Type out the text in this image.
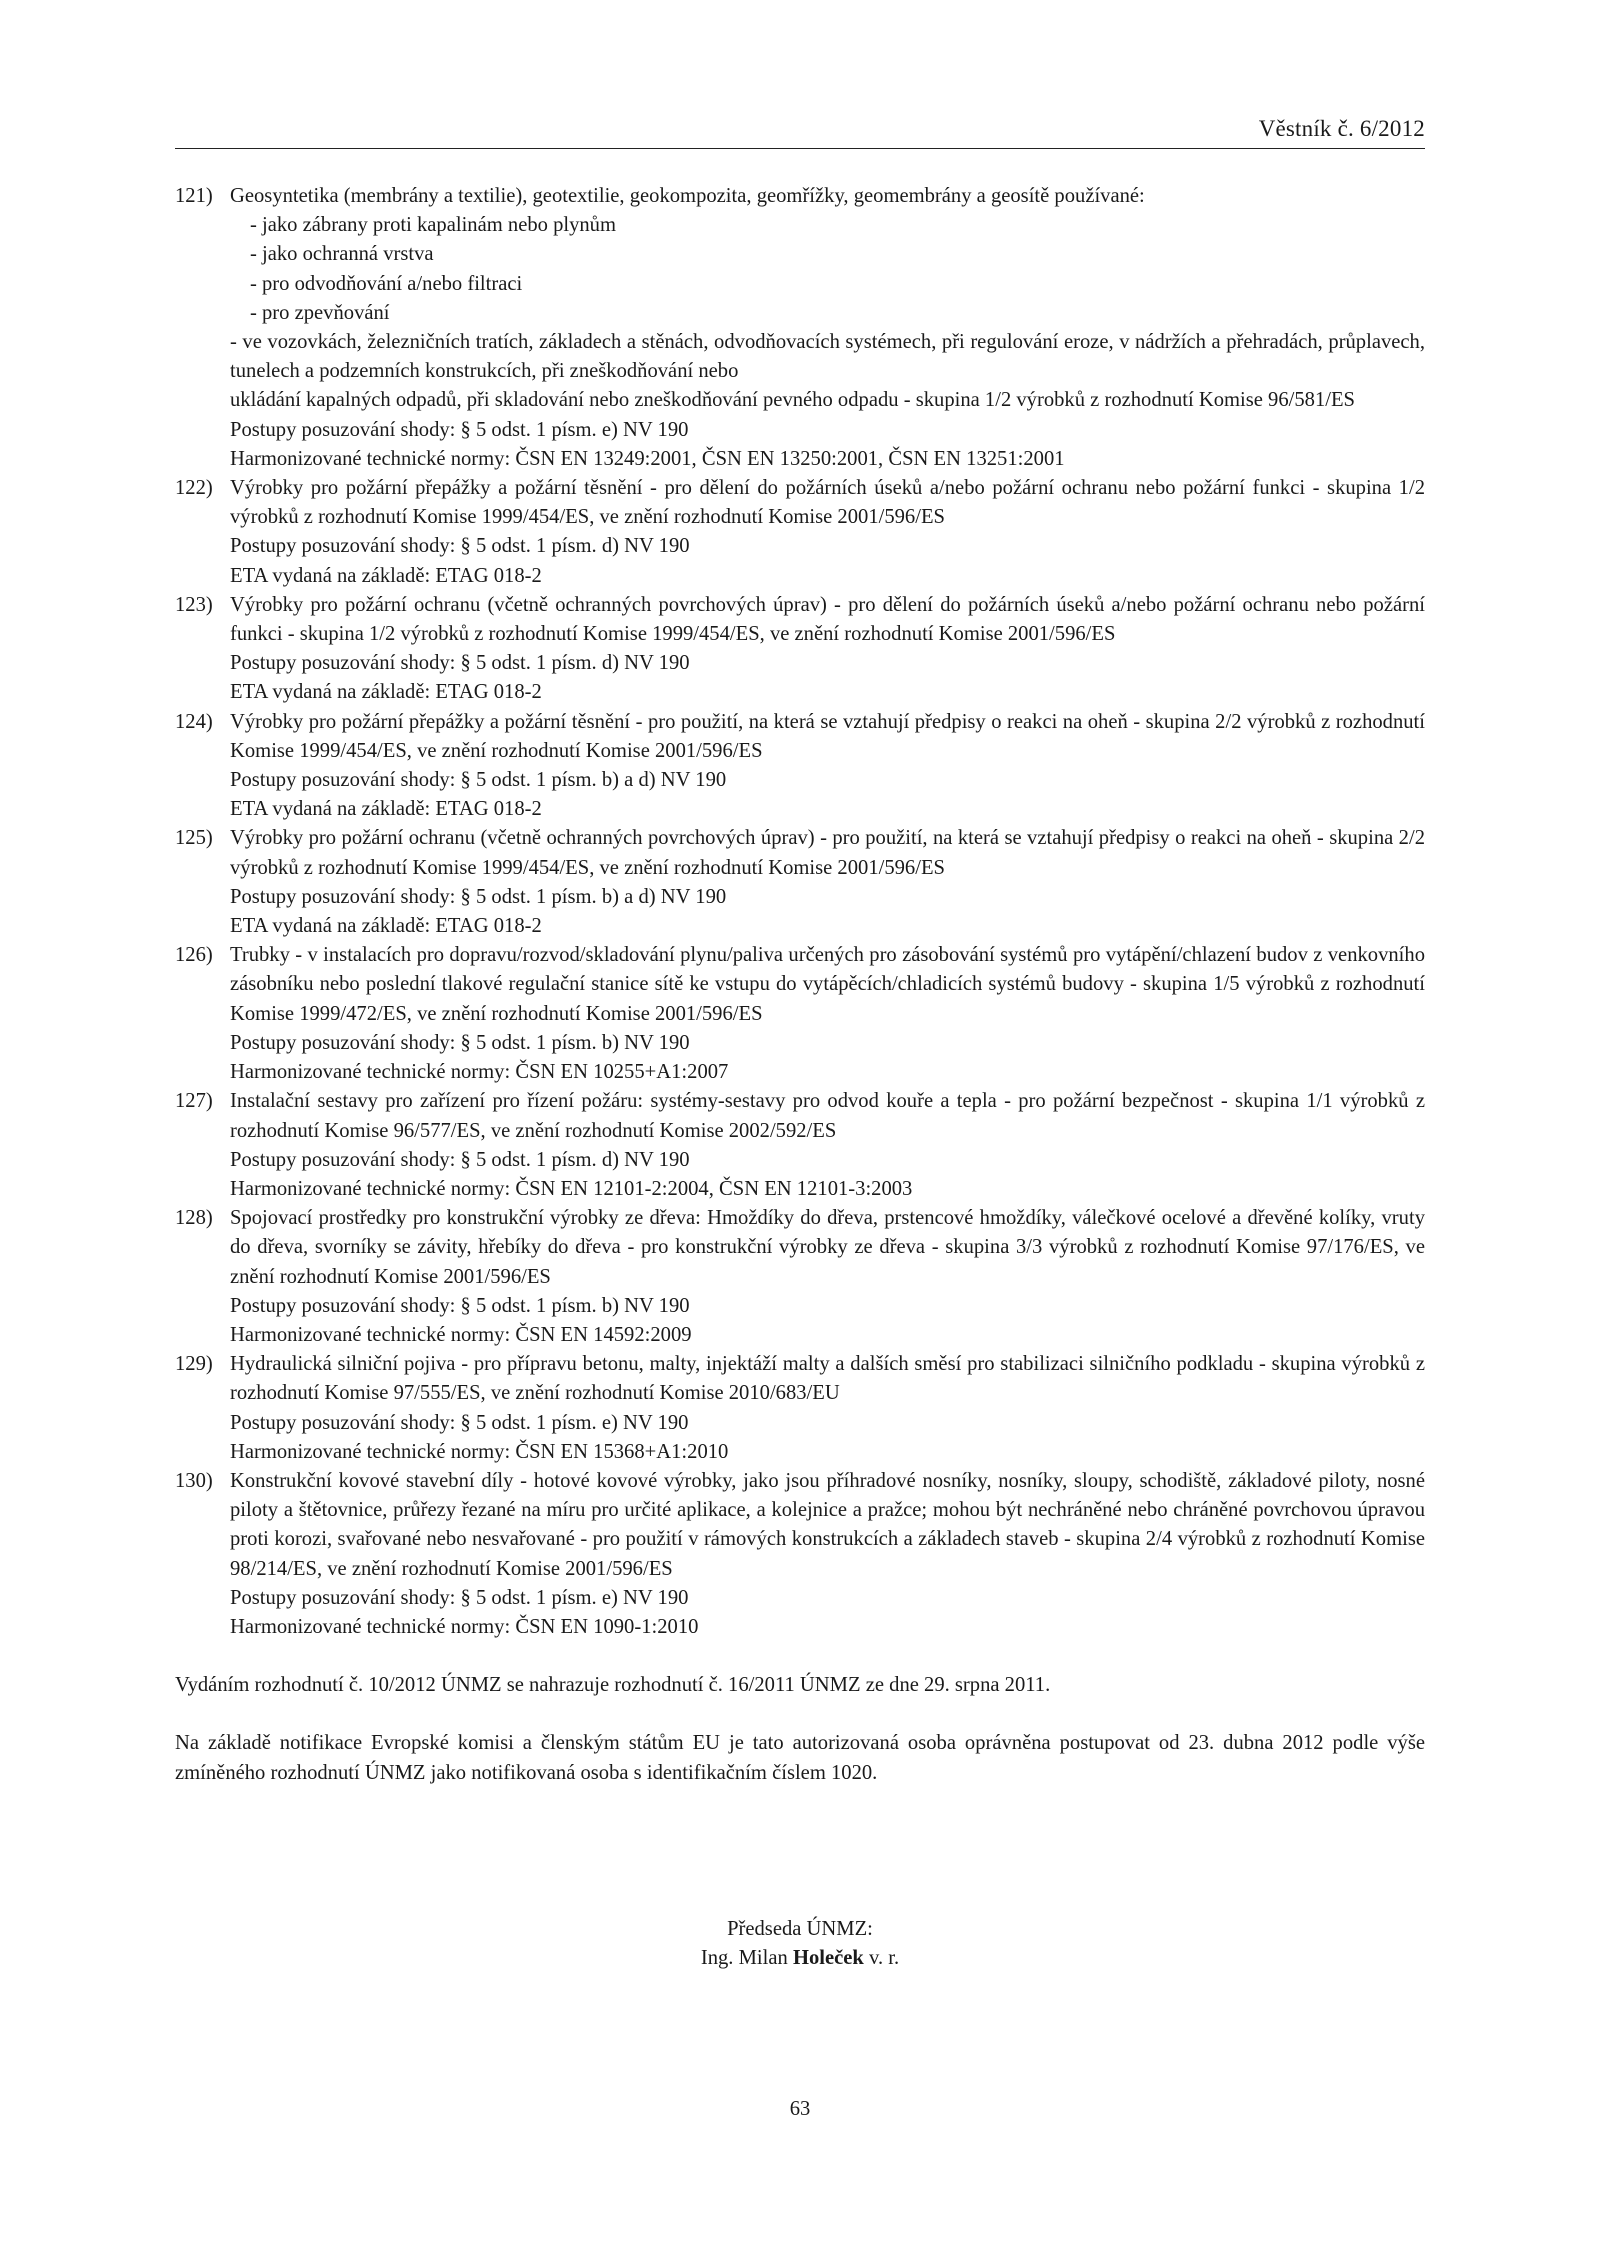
Věstník č. 6/2012
121) Geosyntetika (membrány a textilie), geotextilie, geokompozita, geomřížky, geomembrány a geosítě používané:
- jako zábrany proti kapalinám nebo plynům
- jako ochranná vrstva
- pro odvodňování a/nebo filtraci
- pro zpevňování
- ve vozovkách, železničních tratích, základech a stěnách, odvodňovacích systémech, při regulování eroze, v nádržích a přehradách, průplavech, tunelech a podzemních konstrukcích, při zneškodňování nebo
ukládání kapalných odpadů, při skladování nebo zneškodňování pevného odpadu - skupina 1/2 výrobků z rozhodnutí Komise 96/581/ES
Postupy posuzování shody: § 5 odst. 1 písm. e) NV 190
Harmonizované technické normy: ČSN EN 13249:2001, ČSN EN 13250:2001, ČSN EN 13251:2001
122) Výrobky pro požární přepážky a požární těsnění - pro dělení do požárních úseků a/nebo požární ochranu nebo požární funkci - skupina 1/2 výrobků z rozhodnutí Komise 1999/454/ES, ve znění rozhodnutí Komise 2001/596/ES
Postupy posuzování shody: § 5 odst. 1 písm. d) NV 190
ETA vydaná na základě: ETAG 018-2
123) Výrobky pro požární ochranu (včetně ochranných povrchových úprav) - pro dělení do požárních úseků a/nebo požární ochranu nebo požární funkci - skupina 1/2 výrobků z rozhodnutí Komise 1999/454/ES, ve znění rozhodnutí Komise 2001/596/ES
Postupy posuzování shody: § 5 odst. 1 písm. d) NV 190
ETA vydaná na základě: ETAG 018-2
124) Výrobky pro požární přepážky a požární těsnění - pro použití, na která se vztahují předpisy o reakci na oheň - skupina 2/2 výrobků z rozhodnutí Komise 1999/454/ES, ve znění rozhodnutí Komise 2001/596/ES
Postupy posuzování shody: § 5 odst. 1 písm. b) a d) NV 190
ETA vydaná na základě: ETAG 018-2
125) Výrobky pro požární ochranu (včetně ochranných povrchových úprav) - pro použití, na která se vztahují předpisy o reakci na oheň - skupina 2/2 výrobků z rozhodnutí Komise 1999/454/ES, ve znění rozhodnutí Komise 2001/596/ES
Postupy posuzování shody: § 5 odst. 1 písm. b) a d) NV 190
ETA vydaná na základě: ETAG 018-2
126) Trubky - v instalacích pro dopravu/rozvod/skladování plynu/paliva určených pro zásobování systémů pro vytápění/chlazení budov z venkovního zásobníku nebo poslední tlakové regulační stanice sítě ke vstupu do vytápěcích/chladicích systémů budovy - skupina 1/5 výrobků z rozhodnutí Komise 1999/472/ES, ve znění rozhodnutí Komise 2001/596/ES
Postupy posuzování shody: § 5 odst. 1 písm. b) NV 190
Harmonizované technické normy: ČSN EN 10255+A1:2007
127) Instalační sestavy pro zařízení pro řízení požáru: systémy-sestavy pro odvod kouře a tepla - pro požární bezpečnost - skupina 1/1 výrobků z rozhodnutí Komise 96/577/ES, ve znění rozhodnutí Komise 2002/592/ES
Postupy posuzování shody: § 5 odst. 1 písm. d) NV 190
Harmonizované technické normy: ČSN EN 12101-2:2004, ČSN EN 12101-3:2003
128) Spojovací prostředky pro konstrukční výrobky ze dřeva: Hmoždíky do dřeva, prstencové hmoždíky, válečkové ocelové a dřevěné kolíky, vruty do dřeva, svorníky se závity, hřebíky do dřeva - pro konstrukční výrobky ze dřeva - skupina 3/3 výrobků z rozhodnutí Komise 97/176/ES, ve znění rozhodnutí Komise 2001/596/ES
Postupy posuzování shody: § 5 odst. 1 písm. b) NV 190
Harmonizované technické normy: ČSN EN 14592:2009
129) Hydraulická silniční pojiva - pro přípravu betonu, malty, injektáží malty a dalších směsí pro stabilizaci silničního podkladu - skupina výrobků z rozhodnutí Komise 97/555/ES, ve znění rozhodnutí Komise 2010/683/EU
Postupy posuzování shody: § 5 odst. 1 písm. e) NV 190
Harmonizované technické normy: ČSN EN 15368+A1:2010
130) Konstrukční kovové stavební díly - hotové kovové výrobky, jako jsou příhradové nosníky, nosníky, sloupy, schodiště, základové piloty, nosné piloty a štětovnice, průřezy řezané na míru pro určité aplikace, a kolejnice a pražce; mohou být nechráněné nebo chráněné povrchovou úpravou proti korozi, svařované nebo nesvařované - pro použití v rámových konstrukcích a základech staveb - skupina 2/4 výrobků z rozhodnutí Komise 98/214/ES, ve znění rozhodnutí Komise 2001/596/ES
Postupy posuzování shody: § 5 odst. 1 písm. e) NV 190
Harmonizované technické normy: ČSN EN 1090-1:2010
Vydáním rozhodnutí č. 10/2012 ÚNMZ se nahrazuje rozhodnutí č. 16/2011 ÚNMZ ze dne 29. srpna 2011.
Na základě notifikace Evropské komisi a členským státům EU je tato autorizovaná osoba oprávněna postupovat od 23. dubna 2012 podle výše zmíněného rozhodnutí ÚNMZ jako notifikovaná osoba s identifikačním číslem 1020.
Předseda ÚNMZ:
Ing. Milan Holeček v. r.
63
